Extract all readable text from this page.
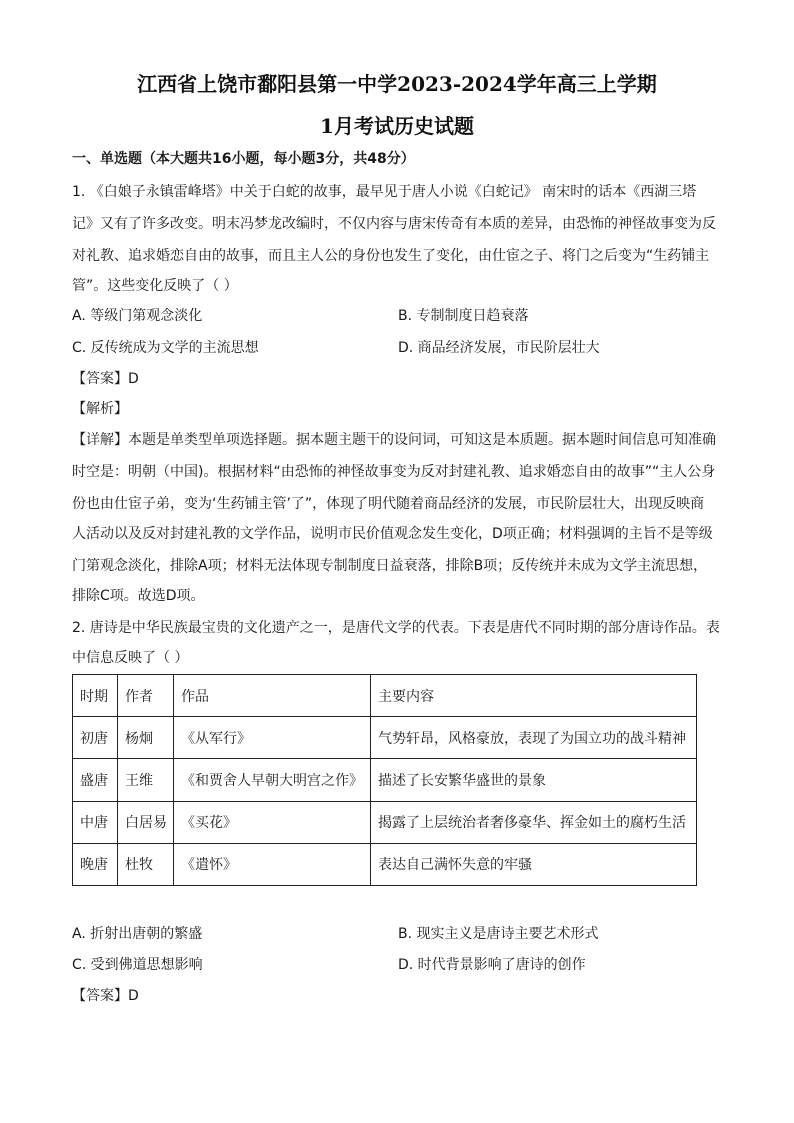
江西省上饶市鄱阳县第一中学2023-2024学年高三上学期
1月考试历史试题
一、单选题（本大题共16小题，每小题3分，共48分）
1. 《白娘子永镇雷峰塔》中关于白蛇的故事，最早见于唐人小说《白蛇记》 南宋时的话本《西湖三塔
记》又有了许多改变。明末冯梦龙改编时，不仅内容与唐宋传奇有本质的差异，由恐怖的神怪故事变为反
对礼教、追求婚恋自由的故事，而且主人公的身份也发生了变化，由仕宦之子、将门之后变为“生药铺主
管”。这些变化反映了（ ）
A. 等级门第观念淡化	B. 专制制度日趋衰落
C. 反传统成为文学的主流思想	D. 商品经济发展，市民阶层壮大
【答案】D
【解析】
【详解】本题是单类型单项选择题。据本题主题干的设问词，可知这是本质题。据本题时间信息可知准确
时空是：明朝（中国)。根据材料“由恐怖的神怪故事变为反对封建礼教、追求婚恋自由的故事”“主人公身
份也由仕宦子弟，变为‘生药铺主管’了”，体现了明代随着商品经济的发展，市民阶层壮大，出现反映商
人活动以及反对封建礼教的文学作品，说明市民价值观念发生变化，D项正确；材料强调的主旨不是等级
门第观念淡化，排除A项；材料无法体现专制制度日益衰落，排除B项；反传统并未成为文学主流思想，
排除C项。故选D项。
2. 唐诗是中华民族最宝贵的文化遗产之一，是唐代文学的代表。下表是唐代不同时期的部分唐诗作品。表
中信息反映了（ ）
时期	作者	作品	主要内容
初唐	杨炯	《从军行》	气势轩昂，风格豪放，表现了为国立功的战斗精神
盛唐	王维	《和贾舍人早朝大明宫之作》	描述了长安繁华盛世的景象
中唐	白居易	《买花》	揭露了上层统治者奢侈豪华、挥金如土的腐朽生活
晚唐	杜牧	《遣怀》	表达自己满怀失意的牢骚
A. 折射出唐朝的繁盛	B. 现实主义是唐诗主要艺术形式
C. 受到佛道思想影响	D. 时代背景影响了唐诗的创作
【答案】D
